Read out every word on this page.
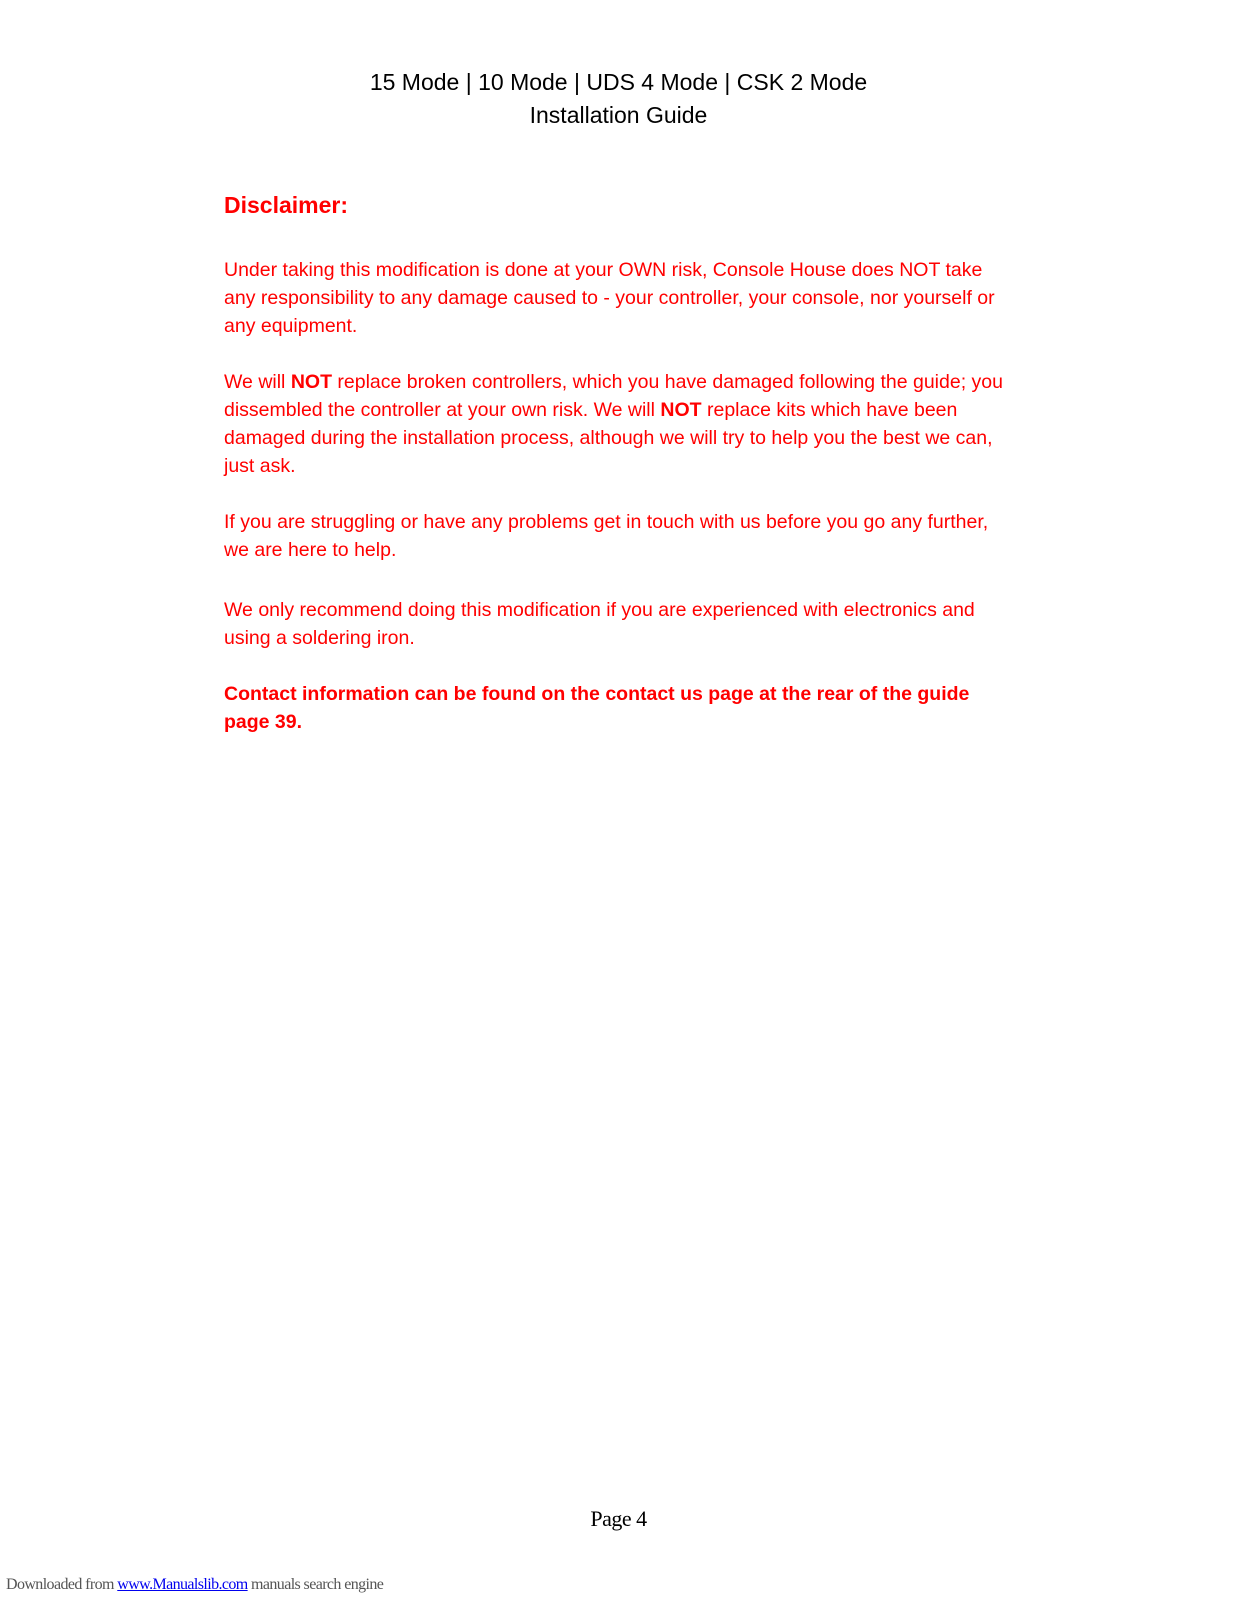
15 Mode | 10 Mode | UDS 4 Mode | CSK 2 Mode
Installation Guide
Disclaimer:

Under taking this modification is done at your OWN risk, Console House does NOT take any responsibility to any damage caused to - your controller, your console, nor yourself or any equipment.

We will NOT replace broken controllers, which you have damaged following the guide; you dissembled the controller at your own risk. We will NOT replace kits which have been damaged during the installation process, although we will try to help you the best we can, just ask.

If you are struggling or have any problems get in touch with us before you go any further, we are here to help.

We only recommend doing this modification if you are experienced with electronics and using a soldering iron.

Contact information can be found on the contact us page at the rear of the guide page 39.

Page 4
Downloaded from www.Manualslib.com manuals search engine
